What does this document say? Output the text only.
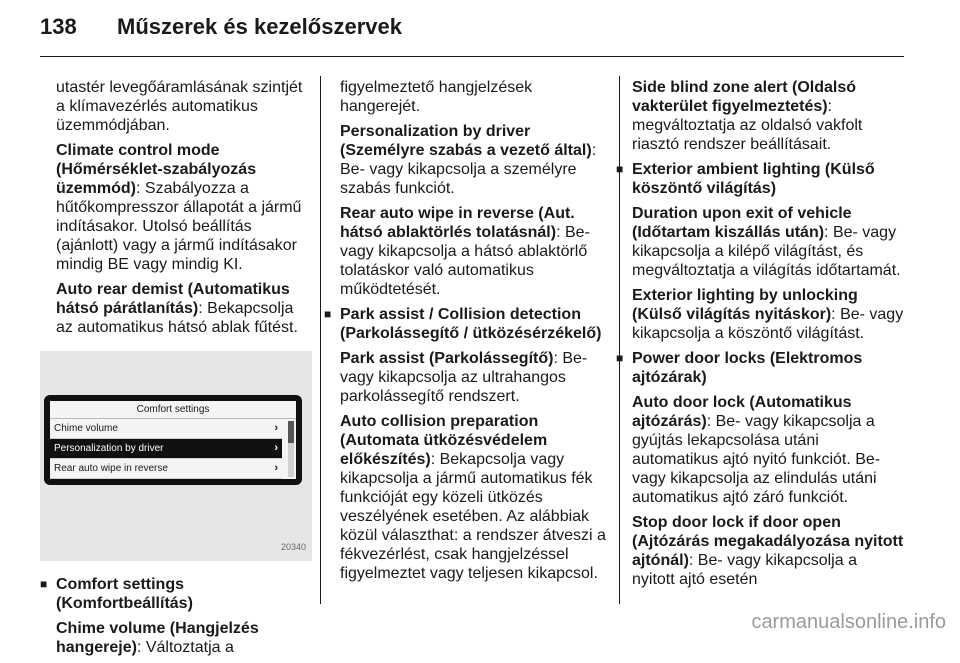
138	Műszerek és kezelőszervek

utastér levegőáramlásának szintjét a klímavezérlés automatikus üzemmódjában.

Climate control mode (Hőmérséklet-szabályozás üzemmód): Szabályozza a hűtőkompresszor állapotát a jármű indításakor. Utolsó beállítás (ajánlott) vagy a jármű indításakor mindig BE vagy mindig KI.

Auto rear demist (Automatikus hátsó párátlanítás): Bekapcsolja az automatikus hátsó ablak fűtést.

Comfort settings
Chime volume	›
Personalization by driver	›
Rear auto wipe in reverse	›
20340

■ Comfort settings (Komfortbeállítás)

Chime volume (Hangjelzés hangereje): Változtatja a

figyelmeztető hangjelzések hangerejét.

Personalization by driver (Személyre szabás a vezető által): Be- vagy kikapcsolja a személyre szabás funkciót.

Rear auto wipe in reverse (Aut. hátsó ablaktörlés tolatásnál): Be- vagy kikapcsolja a hátsó ablaktörlő tolatáskor való automatikus működtetését.

■ Park assist / Collision detection (Parkolássegítő / ütközésérzékelő)

Park assist (Parkolássegítő): Be- vagy kikapcsolja az ultrahangos parkolássegítő rendszert.

Auto collision preparation (Automata ütközésvédelem előkészítés): Bekapcsolja vagy kikapcsolja a jármű automatikus fék funkcióját egy közeli ütközés veszélyének esetében. Az alábbiak közül választhat: a rendszer átveszi a fékvezérlést, csak hangjelzéssel figyelmeztet vagy teljesen kikapcsol.

Side blind zone alert (Oldalsó vakterület figyelmeztetés): megváltoztatja az oldalsó vakfolt riasztó rendszer beállításait.

■ Exterior ambient lighting (Külső köszöntő világítás)

Duration upon exit of vehicle (Időtartam kiszállás után): Be- vagy kikapcsolja a kilépő világítást, és megváltoztatja a világítás időtartamát.

Exterior lighting by unlocking (Külső világítás nyitáskor): Be- vagy kikapcsolja a köszöntő világítást.

■ Power door locks (Elektromos ajtózárak)

Auto door lock (Automatikus ajtózárás): Be- vagy kikapcsolja a gyújtás lekapcsolása utáni automatikus ajtó nyitó funkciót. Be- vagy kikapcsolja az elindulás utáni automatikus ajtó záró funkciót.

Stop door lock if door open (Ajtózárás megakadályozása nyitott ajtónál): Be- vagy kikapcsolja a nyitott ajtó esetén

carmanualsonline.info
